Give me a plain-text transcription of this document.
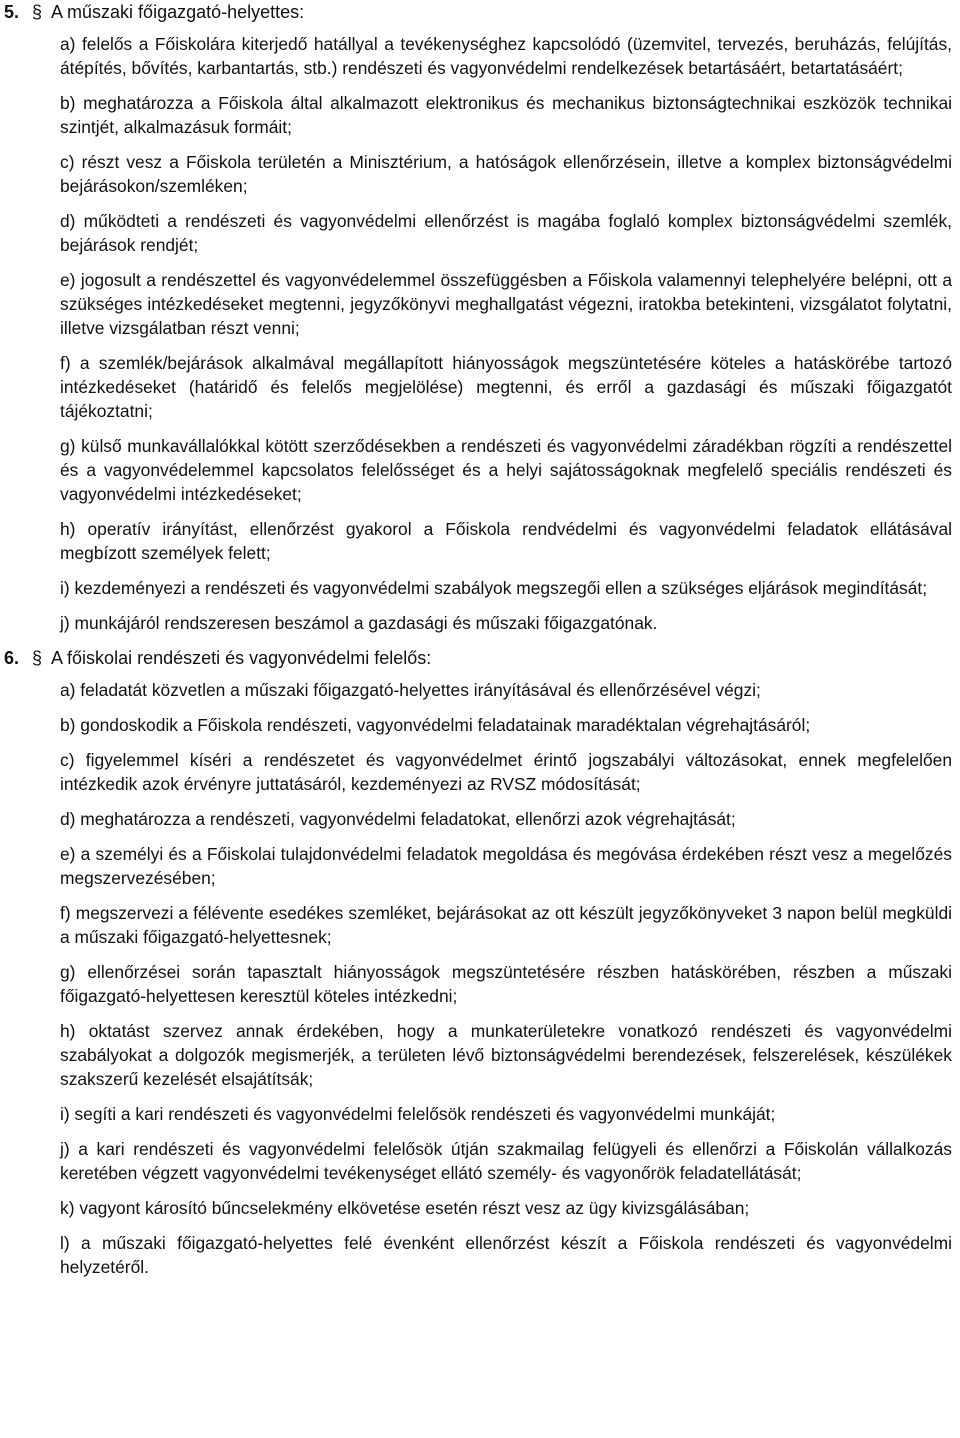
5. § A műszaki főigazgató-helyettes:
a) felelős a Főiskolára kiterjedő hatállyal a tevékenységhez kapcsolódó (üzemvitel, tervezés, beruházás, felújítás, átépítés, bővítés, karbantartás, stb.) rendészeti és vagyonvédelmi rendelkezések betartásáért, betartatásáért;
b) meghatározza a Főiskola által alkalmazott elektronikus és mechanikus biztonságtechnikai eszközök technikai szintjét, alkalmazásuk formáit;
c) részt vesz a Főiskola területén a Minisztérium, a hatóságok ellenőrzésein, illetve a komplex biztonságvédelmi bejárásokon/szemléken;
d) működteti a rendészeti és vagyonvédelmi ellenőrzést is magába foglaló komplex biztonságvédelmi szemlék, bejárások rendjét;
e) jogosult a rendészettel és vagyonvédelemmel összefüggésben a Főiskola valamennyi telephelyére belépni, ott a szükséges intézkedéseket megtenni, jegyzőkönyvi meghallgatást végezni, iratokba betekinteni, vizsgálatot folytatni, illetve vizsgálatban részt venni;
f) a szemlék/bejárások alkalmával megállapított hiányosságok megszüntetésére köteles a hatáskörébe tartozó intézkedéseket (határidő és felelős megjelölése) megtenni, és erről a gazdasági és műszaki főigazgatót tájékoztatni;
g) külső munkavállalókkal kötött szerződésekben a rendészeti és vagyonvédelmi záradékban rögzíti a rendészettel és a vagyonvédelemmel kapcsolatos felelősséget és a helyi sajátosságoknak megfelelő speciális rendészeti és vagyonvédelmi intézkedéseket;
h) operatív irányítást, ellenőrzést gyakorol a Főiskola rendvédelmi és vagyonvédelmi feladatok ellátásával megbízott személyek felett;
i) kezdeményezi a rendészeti és vagyonvédelmi szabályok megszegői ellen a szükséges eljárások megindítását;
j) munkájáról rendszeresen beszámol a gazdasági és műszaki főigazgatónak.
6. § A főiskolai rendészeti és vagyonvédelmi felelős:
a) feladatát közvetlen a műszaki főigazgató-helyettes irányításával és ellenőrzésével végzi;
b) gondoskodik a Főiskola rendészeti, vagyonvédelmi feladatainak maradéktalan végrehajtásáról;
c) figyelemmel kíséri a rendészetet és vagyonvédelmet érintő jogszabályi változásokat, ennek megfelelően intézkedik azok érvényre juttatásáról, kezdeményezi az RVSZ módosítását;
d) meghatározza a rendészeti, vagyonvédelmi feladatokat, ellenőrzi azok végrehajtását;
e) a személyi és a Főiskolai tulajdonvédelmi feladatok megoldása és megóvása érdekében részt vesz a megelőzés megszervezésében;
f) megszervezi a félévente esedékes szemléket, bejárásokat az ott készült jegyzőkönyveket 3 napon belül megküldi a műszaki főigazgató-helyettesnek;
g) ellenőrzései során tapasztalt hiányosságok megszüntetésére részben hatáskörében, részben a műszaki főigazgató-helyettesen keresztül köteles intézkedni;
h) oktatást szervez annak érdekében, hogy a munkaterületekre vonatkozó rendészeti és vagyonvédelmi szabályokat a dolgozók megismerjék, a területen lévő biztonságvédelmi berendezések, felszerelések, készülékek szakszerű kezelését elsajátítsák;
i) segíti a kari rendészeti és vagyonvédelmi felelősök rendészeti és vagyonvédelmi munkáját;
j) a kari rendészeti és vagyonvédelmi felelősök útján szakmailag felügyeli és ellenőrzi a Főiskolán vállalkozás keretében végzett vagyonvédelmi tevékenységet ellátó személy- és vagyonőrök feladatellátását;
k) vagyont károsító bűncselekmény elkövetése esetén részt vesz az ügy kivizsgálásában;
l) a műszaki főigazgató-helyettes felé évenként ellenőrzést készít a Főiskola rendészeti és vagyonvédelmi helyzetéről.
